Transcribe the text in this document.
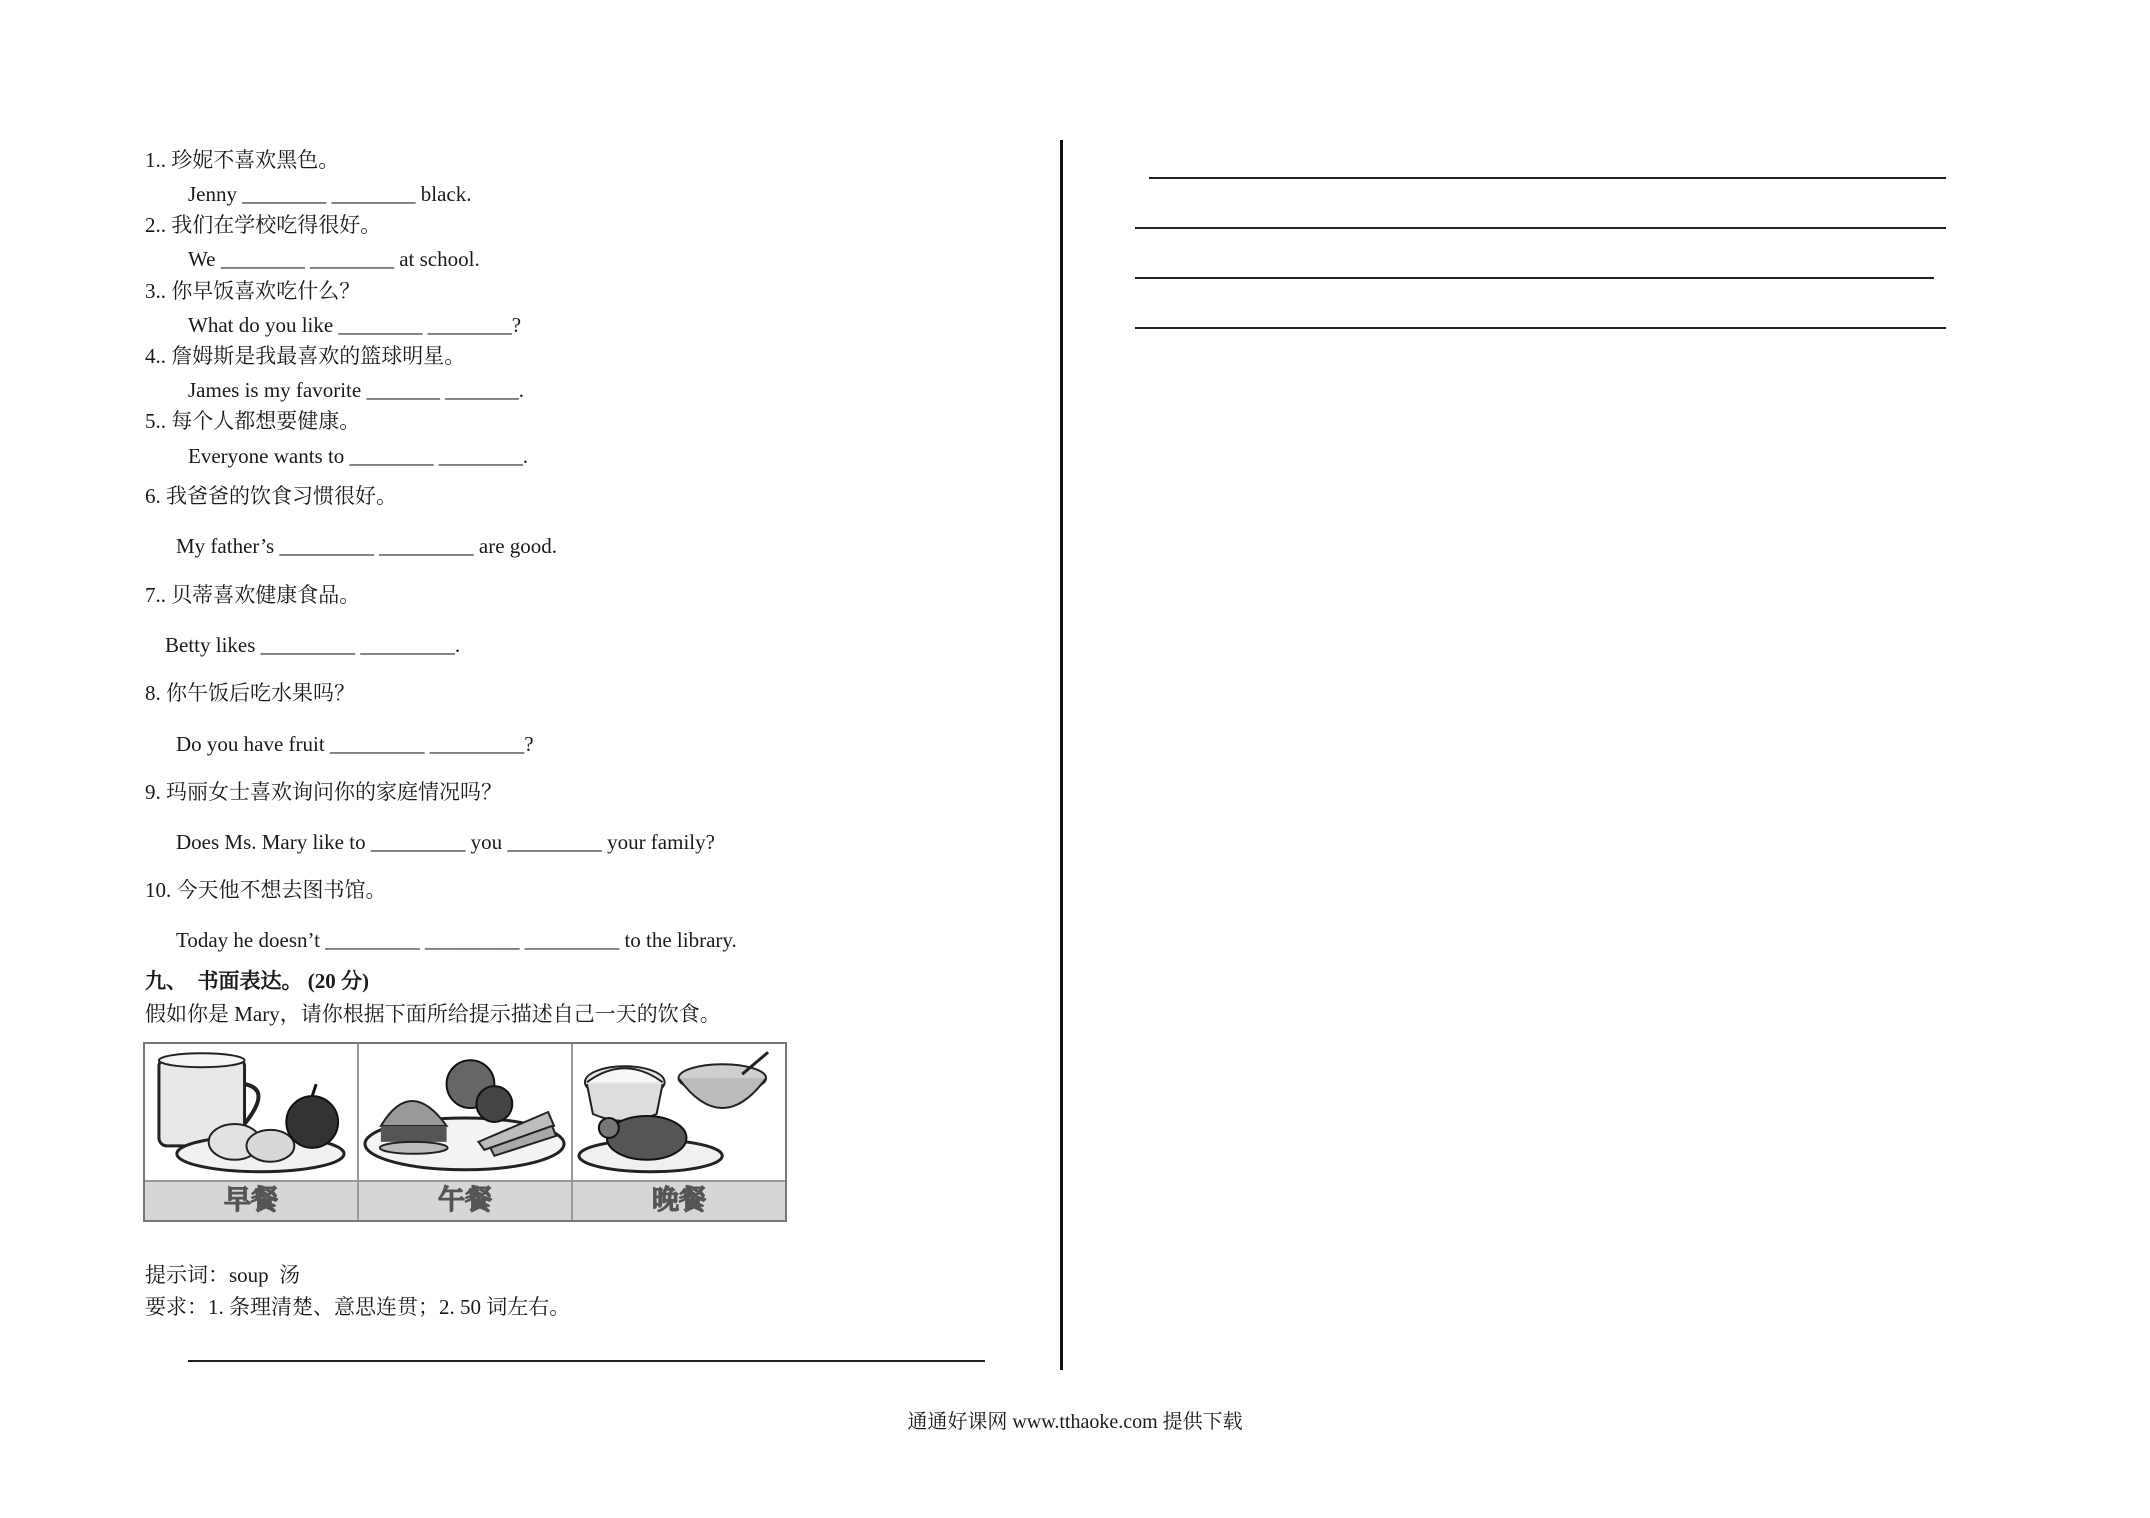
1.. 珍妮不喜欢黑色。
Jenny ________ ________ black.
2.. 我们在学校吃得很好。
We ________ ________ at school.
3.. 你早饭喜欢吃什么？
What do you like ________ ________?
4.. 詹姆斯是我最喜欢的篮球明星。
James is my favorite _______ _______.
5.. 每个人都想要健康。
Everyone wants to ________ ________.
6. 我爸爸的饮食习惯很好。
My father’s _________ _________ are good.
7.. 贝蒂喜欢健康食品。
Betty likes _________ _________.
8. 你午饭后吃水果吗？
Do you have fruit _________ _________?
9. 玛丽女士喜欢询问你的家庭情况吗？
Does Ms. Mary like to _________ you _________ your family?
10. 今天他不想去图书馆。
Today he doesn’t _________ _________ _________ to the library.
九、  书面表达。 (20 分)
假如你是 Mary，请你根据下面所给提示描述自己一天的饮食。
早餐	午餐	晚餐
提示词：soup  汤
要求：1. 条理清楚、意思连贯；2. 50 词左右。
通通好课网 www.tthaoke.com 提供下载
